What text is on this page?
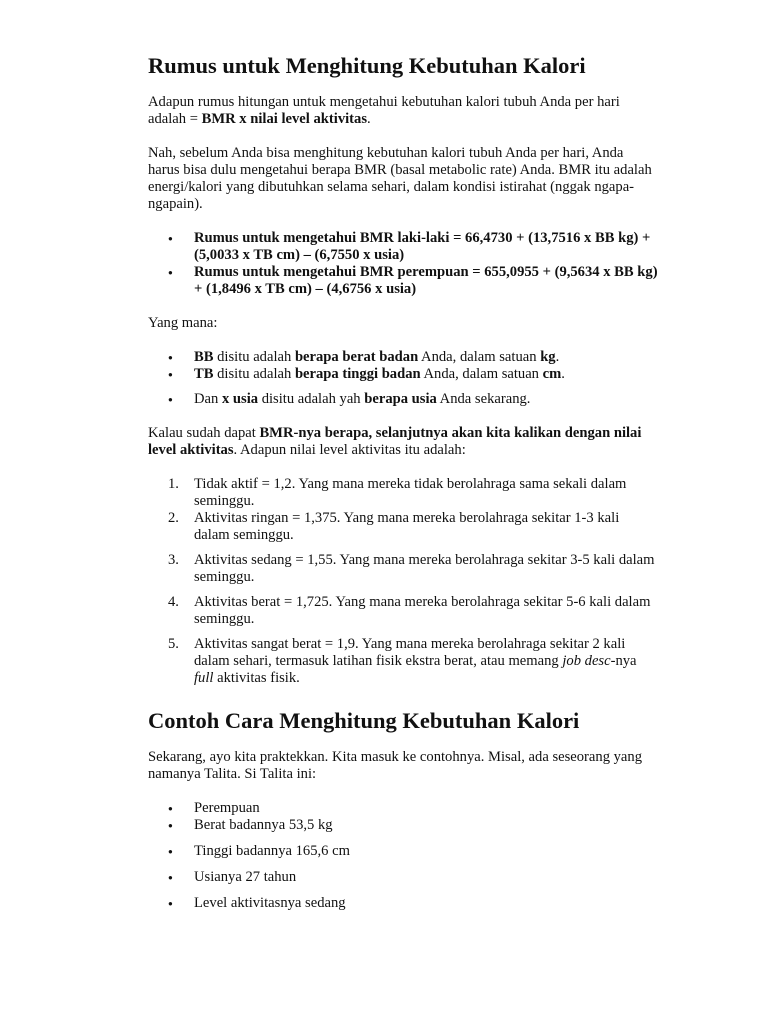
Rumus untuk Menghitung Kebutuhan Kalori

Adapun rumus hitungan untuk mengetahui kebutuhan kalori tubuh Anda per hari adalah = BMR x nilai level aktivitas.

Nah, sebelum Anda bisa menghitung kebutuhan kalori tubuh Anda per hari, Anda harus bisa dulu mengetahui berapa BMR (basal metabolic rate) Anda. BMR itu adalah energi/kalori yang dibutuhkan selama sehari, dalam kondisi istirahat (nggak ngapa-ngapain).

● Rumus untuk mengetahui BMR laki-laki = 66,4730 + (13,7516 x BB kg) + (5,0033 x TB cm) – (6,7550 x usia)
● Rumus untuk mengetahui BMR perempuan = 655,0955 + (9,5634 x BB kg) + (1,8496 x TB cm) – (4,6756 x usia)

Yang mana:

● BB disitu adalah berapa berat badan Anda, dalam satuan kg.
● TB disitu adalah berapa tinggi badan Anda, dalam satuan cm.
● Dan x usia disitu adalah yah berapa usia Anda sekarang.

Kalau sudah dapat BMR-nya berapa, selanjutnya akan kita kalikan dengan nilai level aktivitas. Adapun nilai level aktivitas itu adalah:

1.	Tidak aktif = 1,2. Yang mana mereka tidak berolahraga sama sekali dalam seminggu.
2.	Aktivitas ringan = 1,375. Yang mana mereka berolahraga sekitar 1-3 kali dalam seminggu.
3.	Aktivitas sedang = 1,55. Yang mana mereka berolahraga sekitar 3-5 kali dalam seminggu.
4.	Aktivitas berat = 1,725. Yang mana mereka berolahraga sekitar 5-6 kali dalam seminggu.
5.	Aktivitas sangat berat = 1,9. Yang mana mereka berolahraga sekitar 2 kali dalam sehari, termasuk latihan fisik ekstra berat, atau memang job desc-nya full aktivitas fisik.
Contoh Cara Menghitung Kebutuhan Kalori

Sekarang, ayo kita praktekkan. Kita masuk ke contohnya. Misal, ada seseorang yang namanya Talita. Si Talita ini:

● Perempuan
● Berat badannya 53,5 kg
● Tinggi badannya 165,6 cm
● Usianya 27 tahun
● Level aktivitasnya sedang
